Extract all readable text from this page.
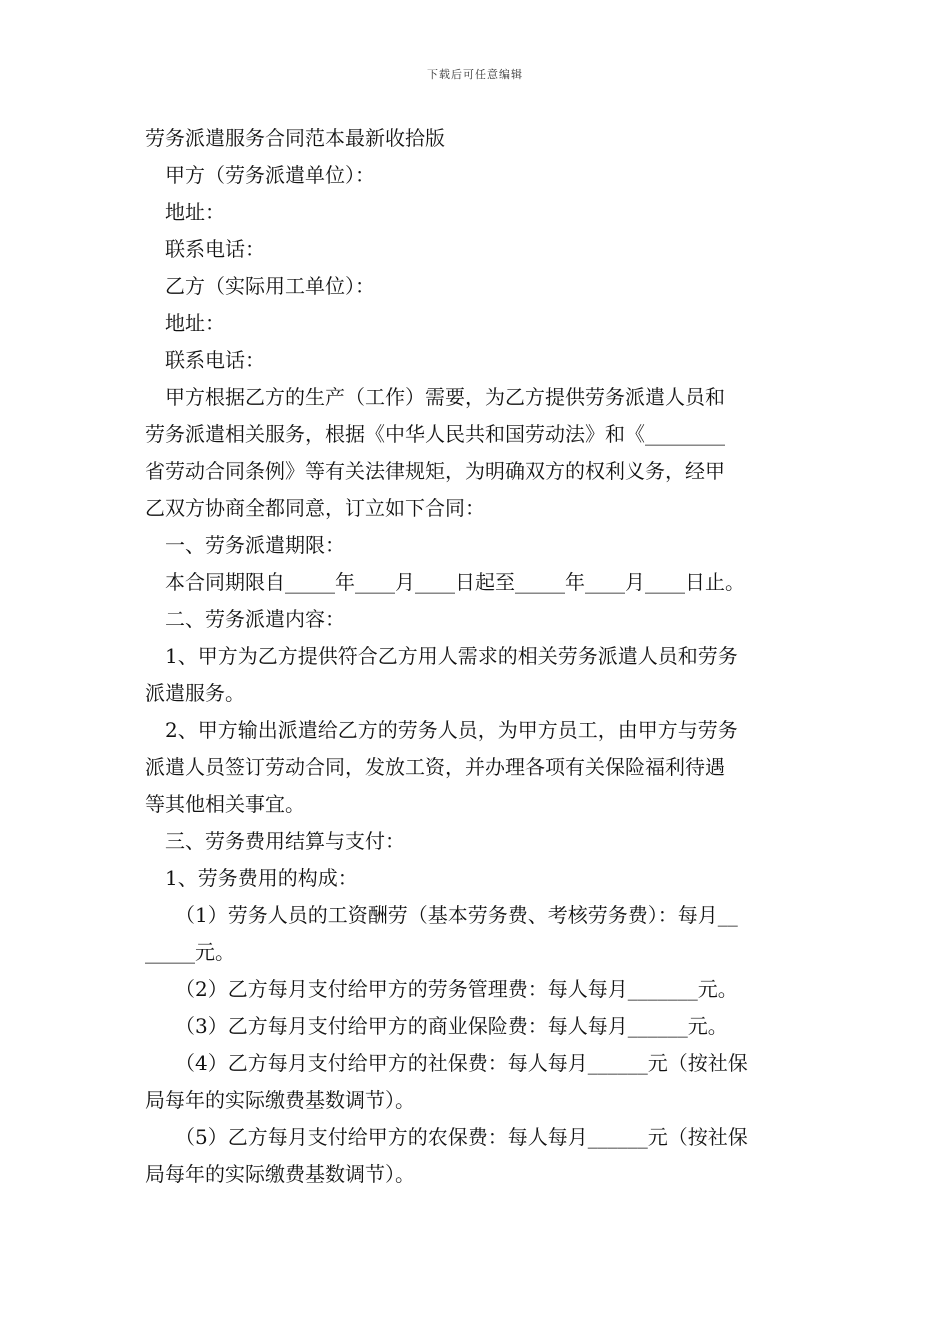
下载后可任意编辑
劳务派遣服务合同范本最新收拾版
甲方（劳务派遣单位）：
地址：
联系电话：
乙方（实际用工单位）：
地址：
联系电话：
甲方根据乙方的生产（工作）需要，为乙方提供劳务派遣人员和
劳务派遣相关服务，根据《中华人民共和国劳动法》和《________
省劳动合同条例》等有关法律规矩，为明确双方的权利义务，经甲
乙双方协商全都同意，订立如下合同：
一、劳务派遣期限：
本合同期限自_____年____月____日起至_____年____月____日止。
二、劳务派遣内容：
1、甲方为乙方提供符合乙方用人需求的相关劳务派遣人员和劳务
派遣服务。
2、甲方输出派遣给乙方的劳务人员，为甲方员工，由甲方与劳务
派遣人员签订劳动合同，发放工资，并办理各项有关保险福利待遇
等其他相关事宜。
三、劳务费用结算与支付：
1、劳务费用的构成：
（1）劳务人员的工资酬劳（基本劳务费、考核劳务费）：每月__
_____元。
（2）乙方每月支付给甲方的劳务管理费：每人每月_______元。
（3）乙方每月支付给甲方的商业保险费：每人每月______元。
（4）乙方每月支付给甲方的社保费：每人每月______元（按社保
局每年的实际缴费基数调节）。
（5）乙方每月支付给甲方的农保费：每人每月______元（按社保
局每年的实际缴费基数调节）。
